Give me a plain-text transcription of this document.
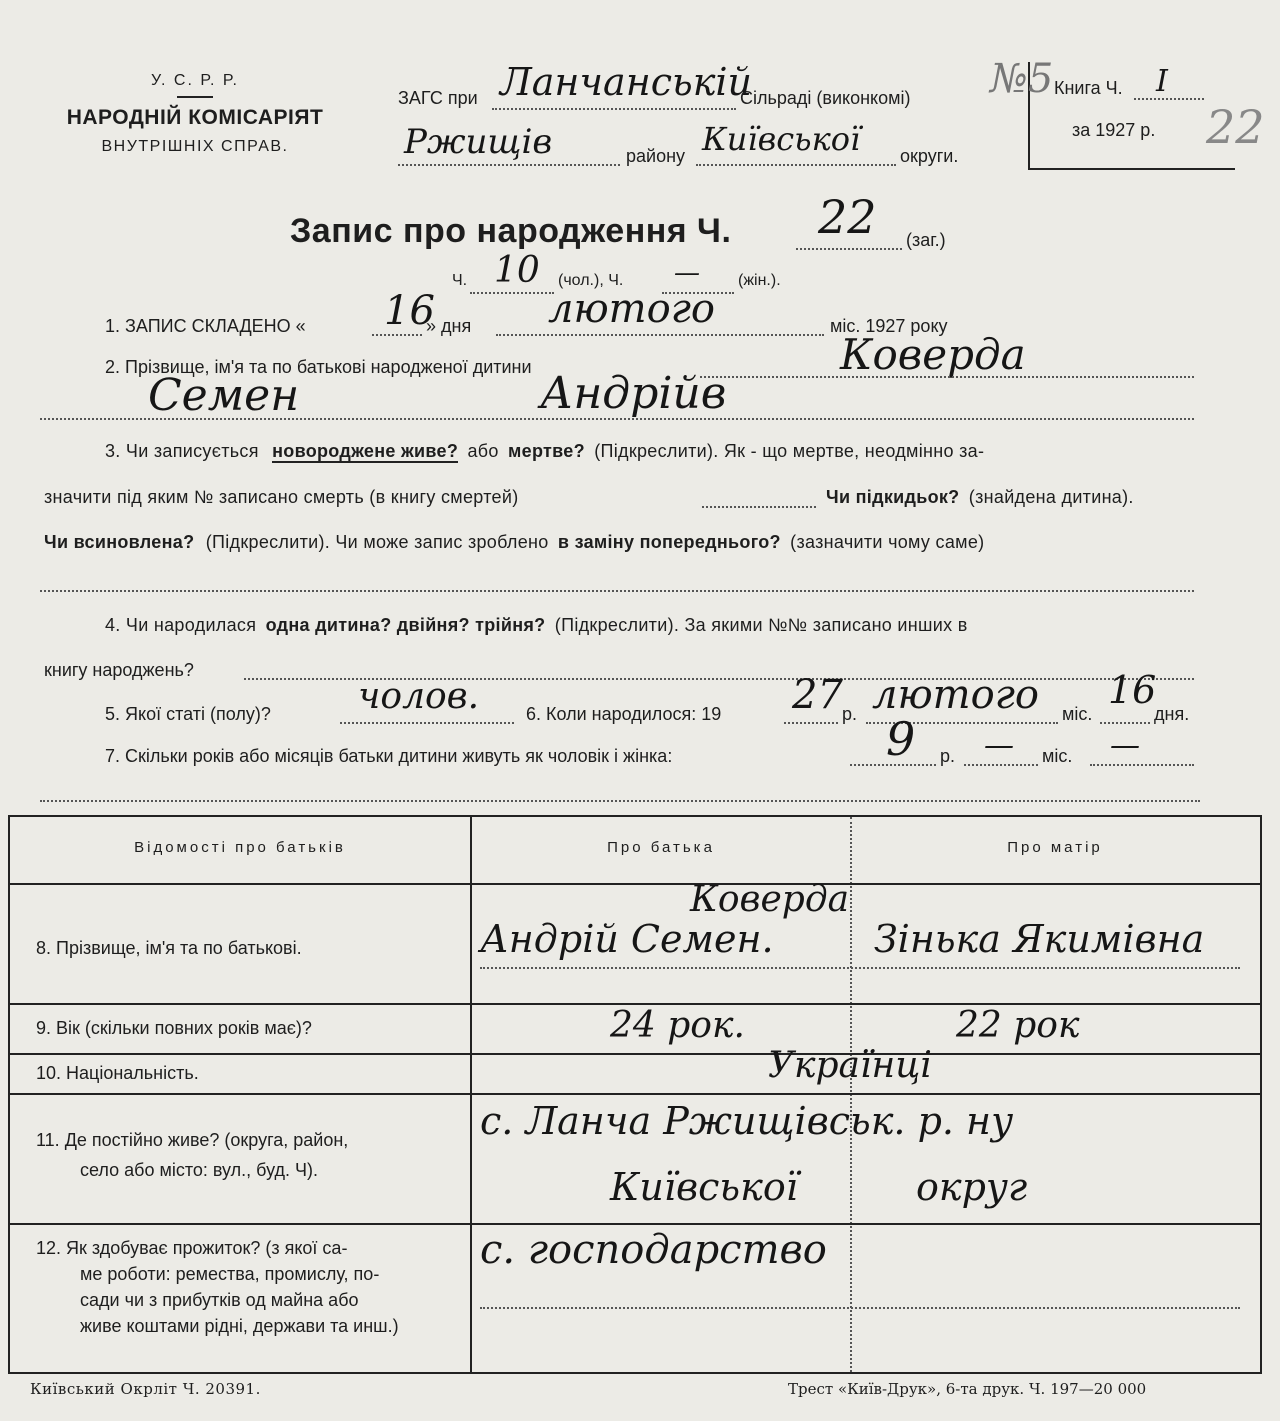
У. С. Р. Р.
НАРОДНІЙ КОМІСАРІЯТ
ВНУТРІШНІХ СПРАВ.
ЗАГС при Ланчанській
Сільраді (виконкомі)
Ржищів	району Київської округи.
Книга Ч. I
за 1927 р.
№5
22
Запис про народження Ч. 22 (заг.)
Ч. 10 (чол.), Ч. — (жін.).
1. ЗАПИС СКЛАДЕНО « 16
» дня лютого	міс. 1927 року
2. Прізвище, ім'я та по батькові народженої дитини	Коверда
Семен	Андрійв
3. Чи записується новороджене живе? або мертве? (Підкреслити). Як - що мертве, неодмінно за-
значити під яким № записано смерть (в книгу смертей)	Чи підкидьок? (знайдена дитина).
Чи всиновлена? (Підкреслити). Чи може запис зроблено в заміну попереднього? (зазначити чому саме)
4. Чи народилася одна дитина? двійня? трійня? (Підкреслити). За якими №№ записано инших в
книгу народжень?
5. Якої статі (полу)? чолов.	6. Коли народилося: 19 27 р. лютого міс.
16
дня.
7. Скільки років або місяців батьки дитини живуть як чоловік і жінка:	9 р. — міс. —
Відомості про батьків	Про батька	Про матір
8. Прізвище, ім'я та по батькові.
Коверда
Андрій Семен.	Зінька Якимівна
9. Вік (скільки повних років має)?	24 рок.	22 рок
10. Національність.	Українці
11. Де постійно живе? (округа, район,
село або місто: вул., буд. Ч).
с. Ланча Ржищівськ. р. ну
Київської	округ
12. Як здобуває прожиток? (з якої са-
ме роботи: ремества, промислу, по-
сади чи з прибутків од майна або
живе коштами рідні, держави та инш.)
с. господарство
Київський Окрліт Ч. 20391.	Трест «Київ-Друк», 6-та друк. Ч. 197—20 000
